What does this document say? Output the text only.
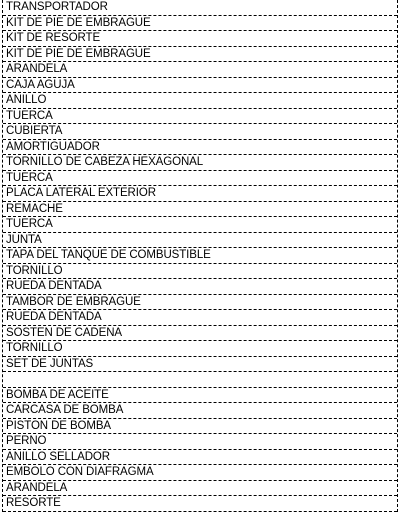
TRANSPORTADOR
KIT DE PIE DE EMBRAGUE
KIT DE RESORTE
KIT DE PIE DE EMBRAGUE
ARANDELA
CAJA AGUJA
ANILLO
TUERCA
CUBIERTA
AMORTIGUADOR
TORNILLO DE CABEZA HEXAGONAL
TUERCA
PLACA LATERAL EXTERIOR
REMACHE
TUERCA
JUNTA
TAPA DEL TANQUE DE COMBUSTIBLE
TORNILLO
RUEDA DENTADA
TAMBOR DE EMBRAGUE
RUEDA DENTADA
SOSTEN DE CADENA
TORNILLO
SET DE JUNTAS
BOMBA DE ACEITE
CARCASA DE BOMBA
PISTON DE BOMBA
PERNO
ANILLO SELLADOR
EMBOLO CON DIAFRAGMA
ARANDELA
RESORTE
